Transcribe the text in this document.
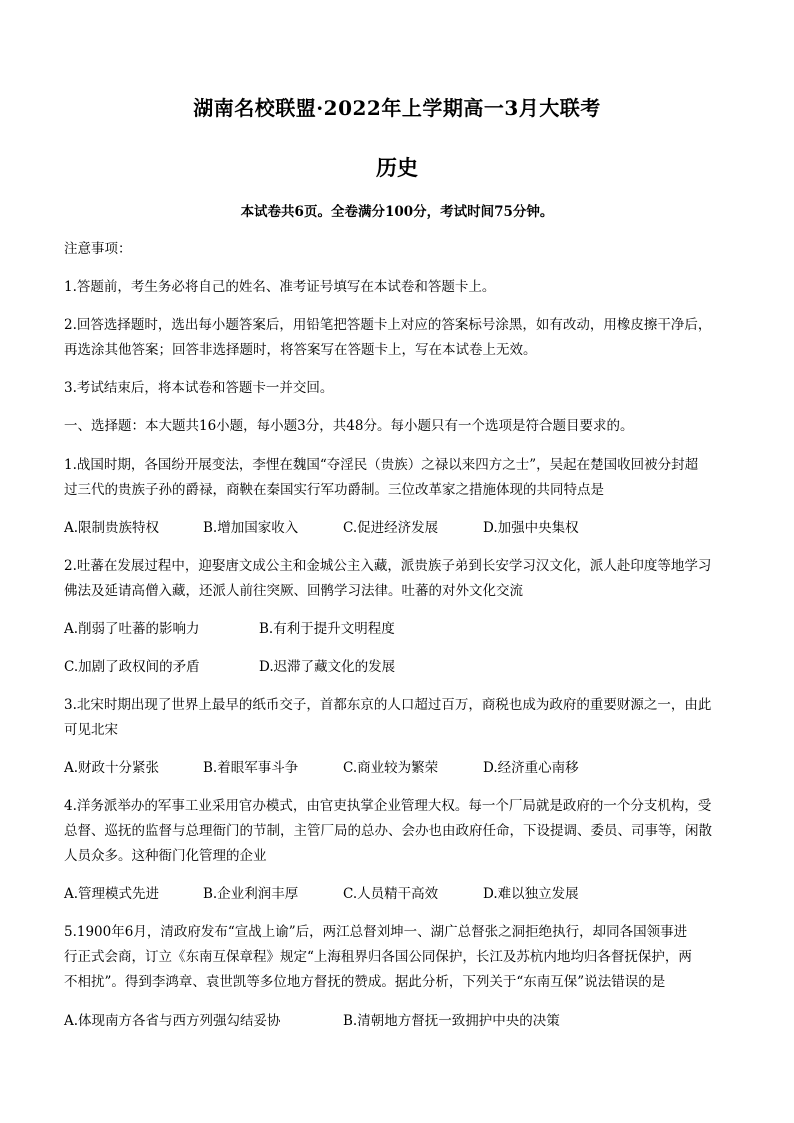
湖南名校联盟·2022年上学期高一3月大联考
历史
本试卷共6页。全卷满分100分，考试时间75分钟。
注意事项：
1.答题前，考生务必将自己的姓名、准考证号填写在本试卷和答题卡上。
2.回答选择题时，选出每小题答案后，用铅笔把答题卡上对应的答案标号涂黑，如有改动，用橡皮擦干净后，
再选涂其他答案；回答非选择题时，将答案写在答题卡上，写在本试卷上无效。
3.考试结束后，将本试卷和答题卡一并交回。
一、选择题：本大题共16小题，每小题3分，共48分。每小题只有一个选项是符合题目要求的。
1.战国时期，各国纷开展变法，李悝在魏国“夺淫民（贵族）之禄以来四方之士”，吴起在楚国收回被分封超
过三代的贵族子孙的爵禄，商鞅在秦国实行军功爵制。三位改革家之措施体现的共同特点是
A.限制贵族特权	B.增加国家收入	C.促进经济发展	D.加强中央集权
2.吐蕃在发展过程中，迎娶唐文成公主和金城公主入藏，派贵族子弟到长安学习汉文化，派人赴印度等地学习
佛法及延请高僧入藏，还派人前往突厥、回鹘学习法律。吐蕃的对外文化交流
A.削弱了吐蕃的影响力	B.有利于提升文明程度
C.加剧了政权间的矛盾	D.迟滞了藏文化的发展
3.北宋时期出现了世界上最早的纸币交子，首都东京的人口超过百万，商税也成为政府的重要财源之一，由此
可见北宋
A.财政十分紧张	B.着眼军事斗争	C.商业较为繁荣	D.经济重心南移
4.洋务派举办的军事工业采用官办模式，由官吏执掌企业管理大权。每一个厂局就是政府的一个分支机构，受
总督、巡抚的监督与总理衙门的节制，主管厂局的总办、会办也由政府任命，下设提调、委员、司事等，闲散
人员众多。这种衙门化管理的企业
A.管理模式先进	B.企业利润丰厚	C.人员精干高效	D.难以独立发展
5.1900年6月，清政府发布“宣战上谕”后，两江总督刘坤一、湖广总督张之洞拒绝执行，却同各国领事进
行正式会商，订立《东南互保章程》规定“上海租界归各国公同保护，长江及苏杭内地均归各督抚保护，两
不相扰”。得到李鸿章、袁世凯等多位地方督抚的赞成。据此分析，下列关于“东南互保”说法错误的是
A.体现南方各省与西方列强勾结妥协	B.清朝地方督抚一致拥护中央的决策
